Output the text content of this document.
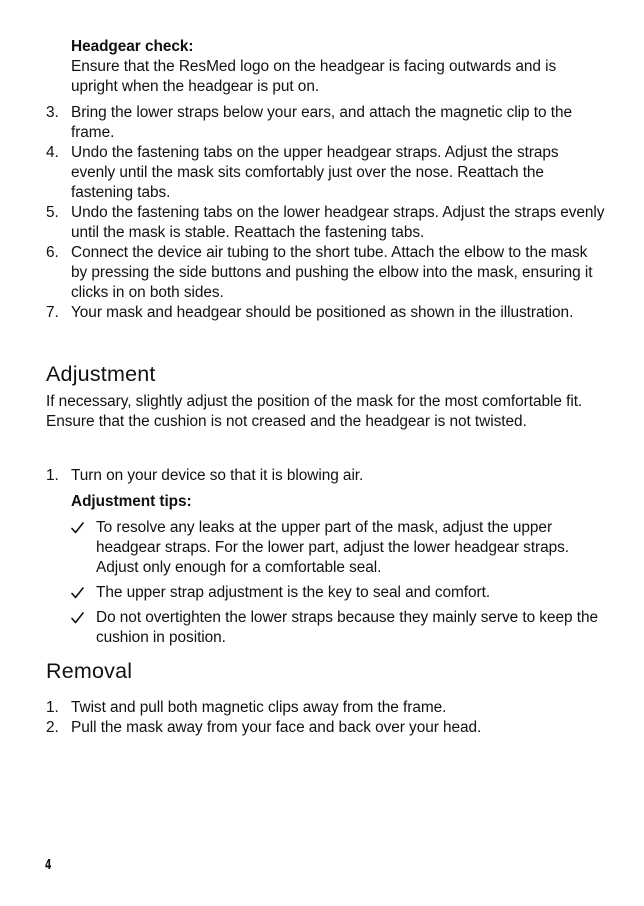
Headgear check:
Ensure that the ResMed logo on the headgear is facing outwards and is upright when the headgear is put on.
3. Bring the lower straps below your ears, and attach the magnetic clip to the frame.
4. Undo the fastening tabs on the upper headgear straps. Adjust the straps evenly until the mask sits comfortably just over the nose. Reattach the fastening tabs.
5. Undo the fastening tabs on the lower headgear straps. Adjust the straps evenly until the mask is stable. Reattach the fastening tabs.
6. Connect the device air tubing to the short tube. Attach the elbow to the mask by pressing the side buttons and pushing the elbow into the mask, ensuring it clicks in on both sides.
7. Your mask and headgear should be positioned as shown in the illustration.
Adjustment
If necessary, slightly adjust the position of the mask for the most comfortable fit. Ensure that the cushion is not creased and the headgear is not twisted.
1. Turn on your device so that it is blowing air.
Adjustment tips:
To resolve any leaks at the upper part of the mask, adjust the upper headgear straps. For the lower part, adjust the lower headgear straps. Adjust only enough for a comfortable seal.
The upper strap adjustment is the key to seal and comfort.
Do not overtighten the lower straps because they mainly serve to keep the cushion in position.
Removal
1. Twist and pull both magnetic clips away from the frame.
2. Pull the mask away from your face and back over your head.
4
